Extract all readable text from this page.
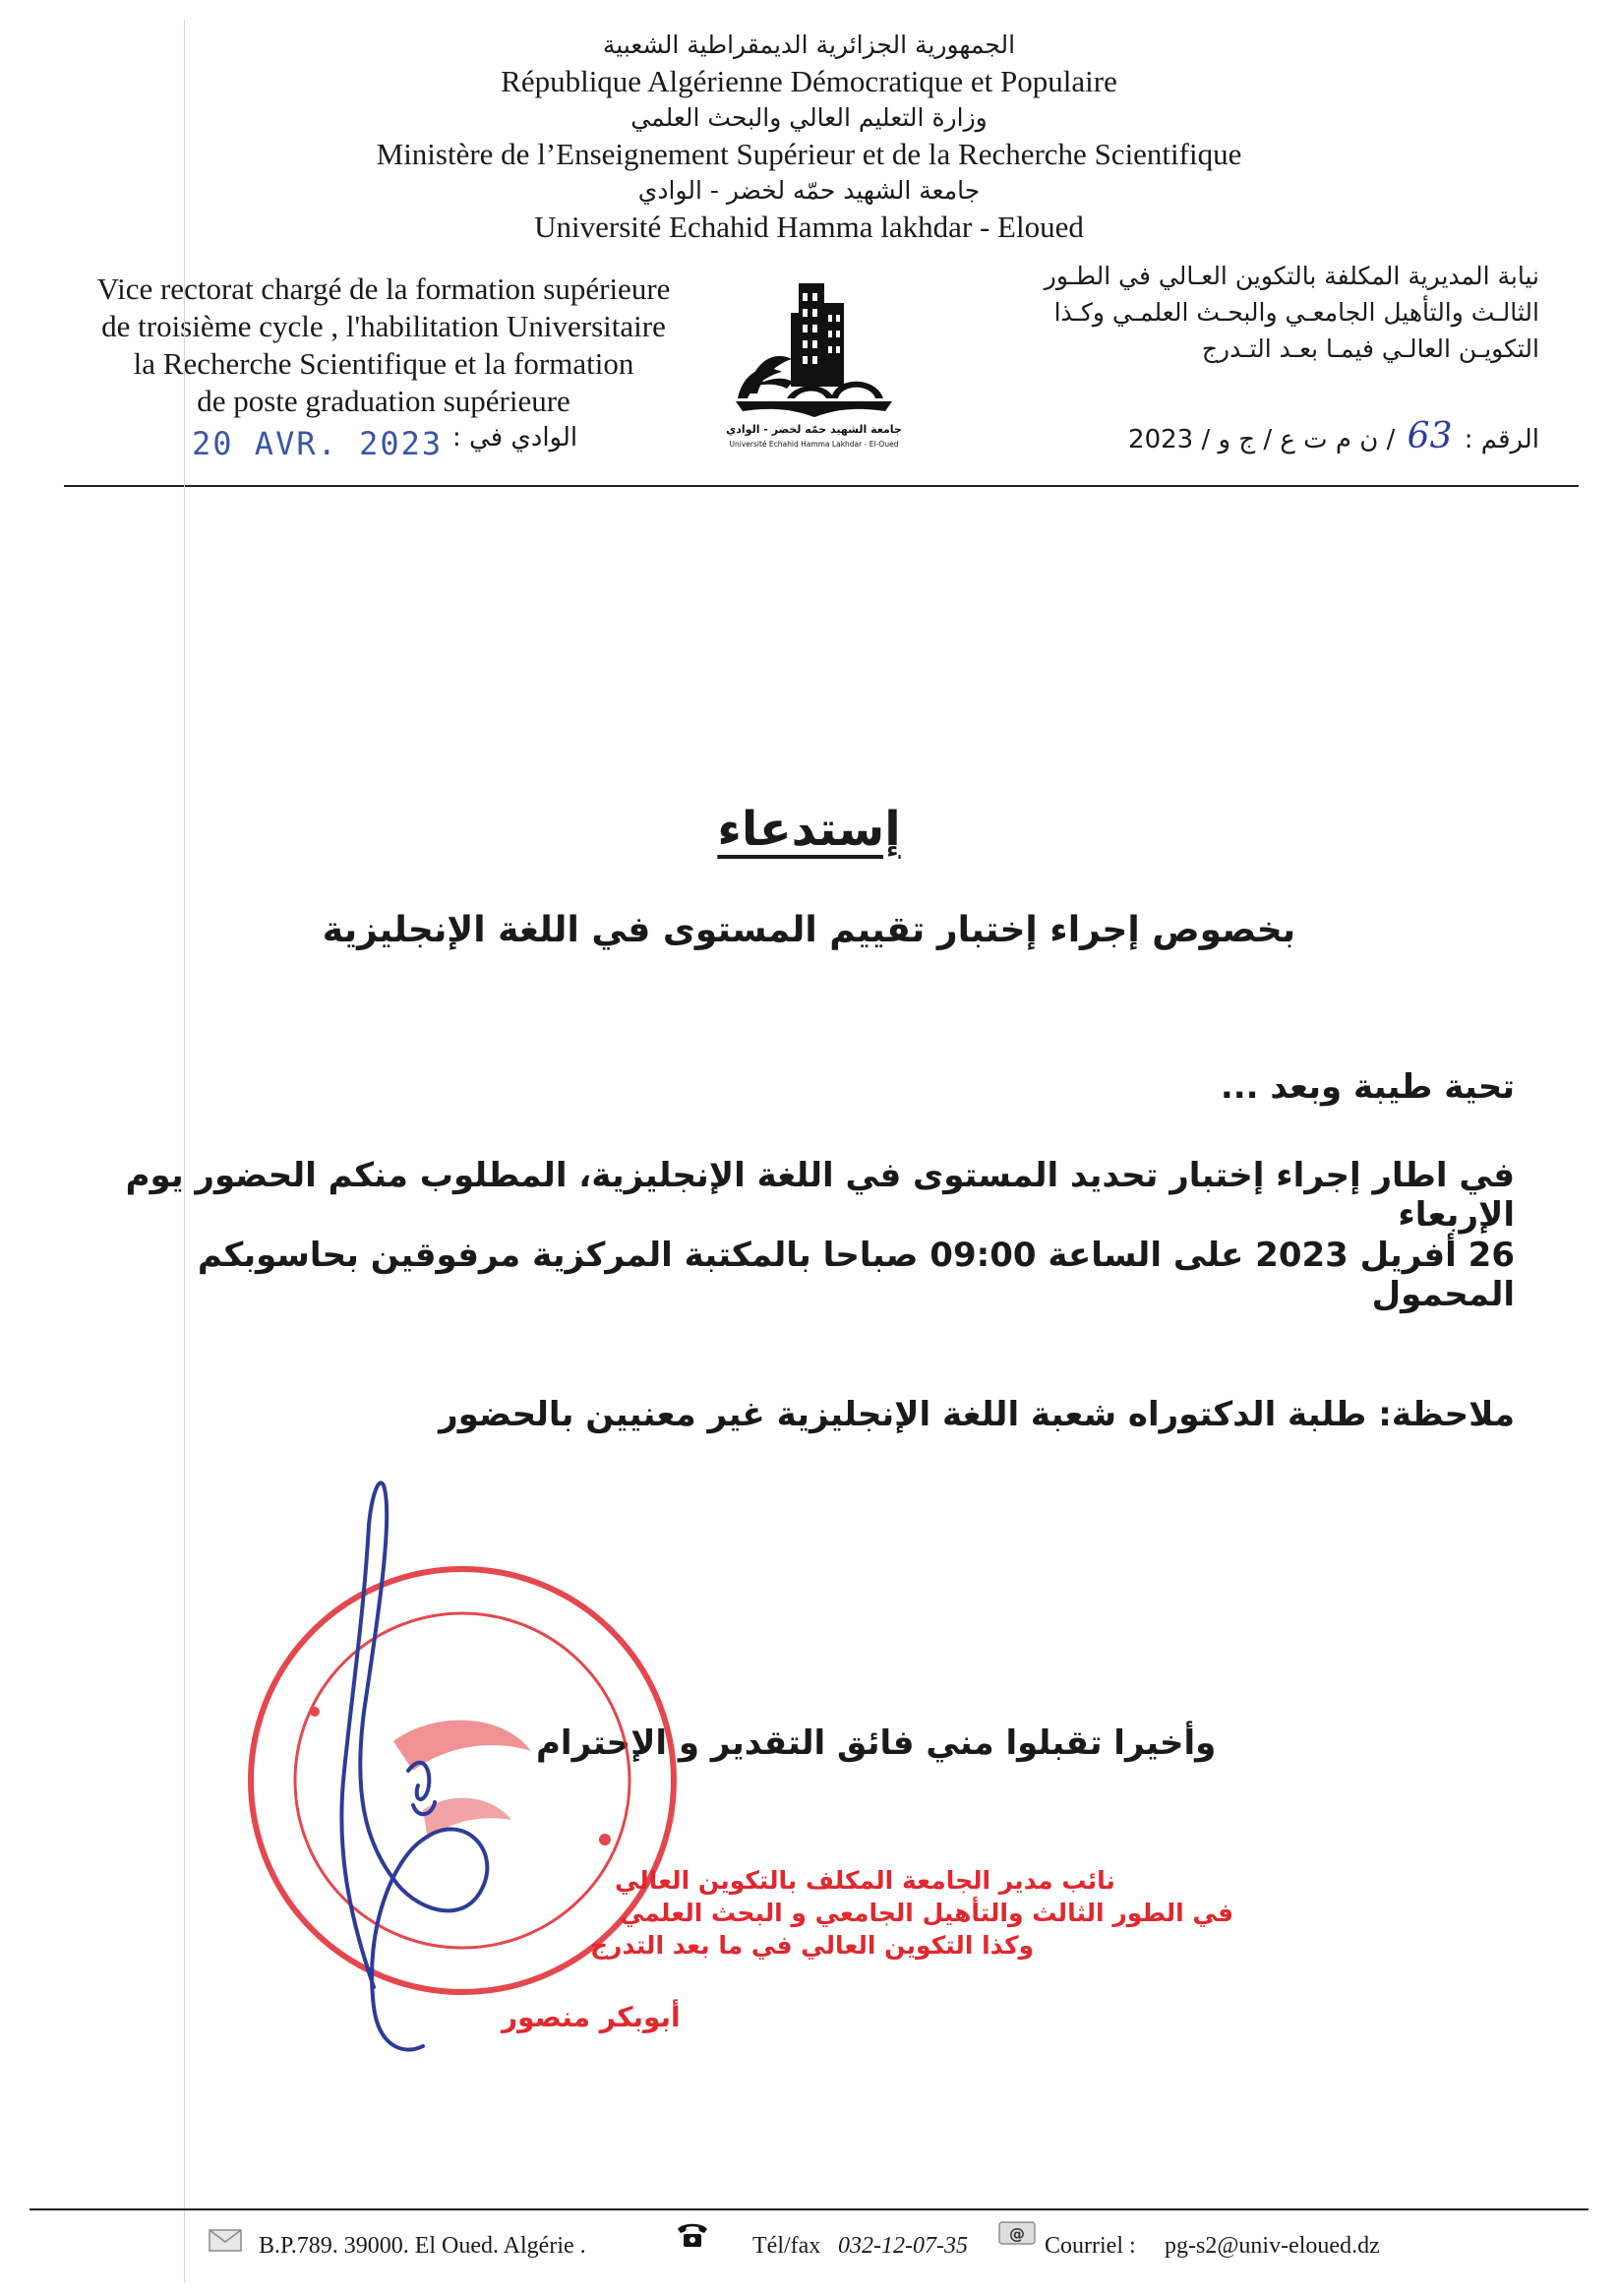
الجمهورية الجزائرية الديمقراطية الشعبية
République Algérienne Démocratique et Populaire
وزارة التعليم العالي والبحث العلمي
Ministère de l’Enseignement Supérieur et de la Recherche Scientifique
جامعة الشهيد حمّه لخضر - الوادي
Université Echahid Hamma lakhdar - Eloued
Vice rectorat chargé de la formation supérieure
de troisième cycle , l'habilitation Universitaire
la Recherche Scientifique et la formation
de poste graduation supérieure
نيابة المديرية المكلفة بالتكوين العـالي في الطـور
الثالـث والتأهيل الجامعـي والبحـث العلمـي وكـذا
التكويـن العالـي فيمـا بعـد التـدرج
جامعة الشهيد حمّه لخضر - الوادي
Université Echahid Hamma Lakhdar - El-Oued
20 AVR. 2023 الوادي في :	الرقم : 63 / ن م ت ع / ج و / 2023
إستدعاء
بخصوص إجراء إختبار تقييم المستوى في اللغة الإنجليزية
تحية طيبة وبعد ...
في اطار إجراء إختبار تحديد المستوى في اللغة الإنجليزية، المطلوب منكم الحضور يوم الإربعاء
26 أفريل 2023 على الساعة 09:00 صباحا بالمكتبة المركزية مرفوقين بحاسوبكم المحمول
ملاحظة: طلبة الدكتوراه شعبة اللغة الإنجليزية غير معنيين بالحضور
وأخيرا تقبلوا مني فائق التقدير و الإحترام
نائب مدير الجامعة المكلف بالتكوين العالي
في الطور الثالث والتأهيل الجامعي و البحث العلمي
وكذا التكوين العالي في ما بعد التدرج
أبوبكر منصور
B.P.789. 39000. El Oued. Algérie .	Tél/fax 032-12-07-35	@ Courriel : pg-s2@univ-eloued.dz
